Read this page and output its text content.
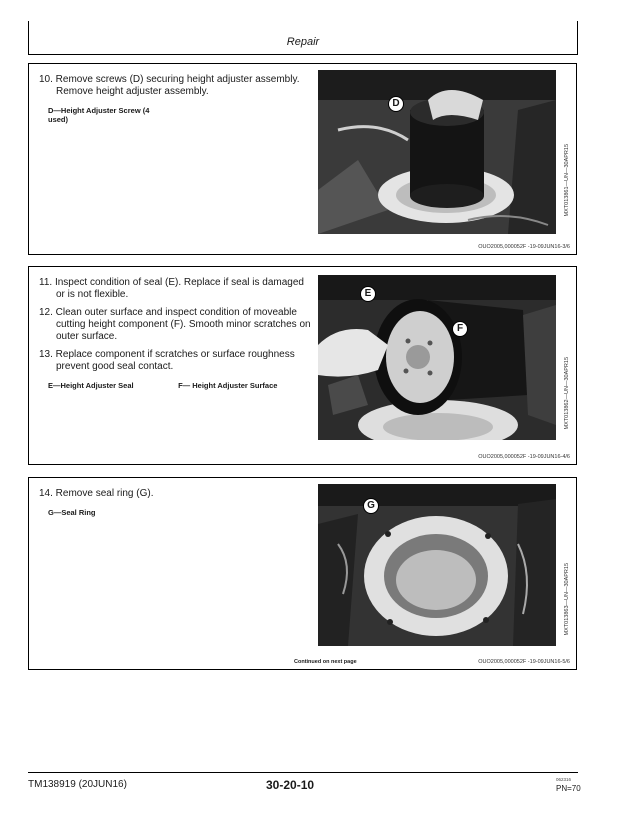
Repair
10. Remove screws (D) securing height adjuster assembly. Remove height adjuster assembly.
D—Height Adjuster Screw (4 used)
D
MXT013861—UN—30APR15
OUO2005,000052F -19-09JUN16-3/6
11. Inspect condition of seal (E). Replace if seal is damaged or is not flexible.
12. Clean outer surface and inspect condition of moveable cutting height component (F). Smooth minor scratches on outer surface.
13. Replace component if scratches or surface roughness prevent good seal contact.
E—Height Adjuster Seal	F— Height Adjuster Surface
E
F
MXT013862—UN—30APR15
OUO2005,000052F -19-09JUN16-4/6
14. Remove seal ring (G).
G—Seal Ring
G
MXT013863—UN—30APR15
Continued on next page	OUO2005,000052F -19-09JUN16-5/6
TM138919 (20JUN16)	30-20-10	062316
PN=70
